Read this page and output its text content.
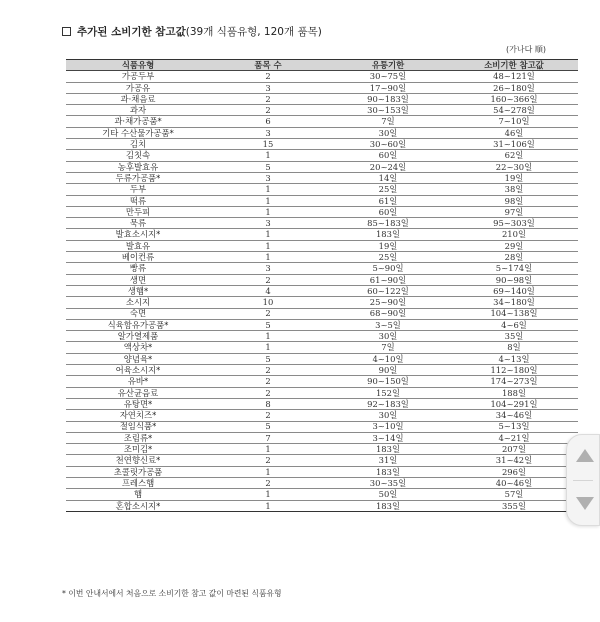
추가된 소비기한 참고값(39개 식품유형, 120개 품목)
(가나다 順)
식품유형	품목 수	유통기한	소비기한 참고값
가공두부	2	30~75일	48~121일
가공유	3	17~90일	26~180일
과·채음료	2	90~183일	160~366일
과자	2	30~153일	54~278일
과·채가공품*	6	7일	7~10일
기타 수산물가공품*	3	30일	46일
김치	15	30~60일	31~106일
김칫속	1	60일	62일
농후발효유	5	20~24일	22~30일
두류가공품*	3	14일	19일
두부	1	25일	38일
떡류	1	61일	98일
만두피	1	60일	97일
묵류	3	85~183일	95~303일
발효소시지*	1	183일	210일
발효유	1	19일	29일
베이컨류	1	25일	28일
빵류	3	5~90일	5~174일
생면	2	61~90일	90~98일
생햄*	4	60~122일	69~140일
소시지	10	25~90일	34~180일
숙면	2	68~90일	104~138일
식육함유가공품*	5	3~5일	4~6일
알가열제품	1	30일	35일
액상차*	1	7일	8일
양념육*	5	4~10일	4~13일
어육소시지*	2	90일	112~180일
유바*	2	90~150일	174~273일
유산균음료	2	152일	188일
유탕면*	8	92~183일	104~291일
자연치즈*	2	30일	34~46일
절임식품*	5	3~10일	5~13일
조림류*	7	3~14일	4~21일
조미김*	1	183일	207일
천연향신료*	2	31일	31~42일
초콜릿가공품	1	183일	296일
프레스햄	2	30~35일	40~46일
햄	1	50일	57일
혼합소시지*	1	183일	355일
* 이번 안내서에서 처음으로 소비기한 참고 값이 마련된 식품유형
